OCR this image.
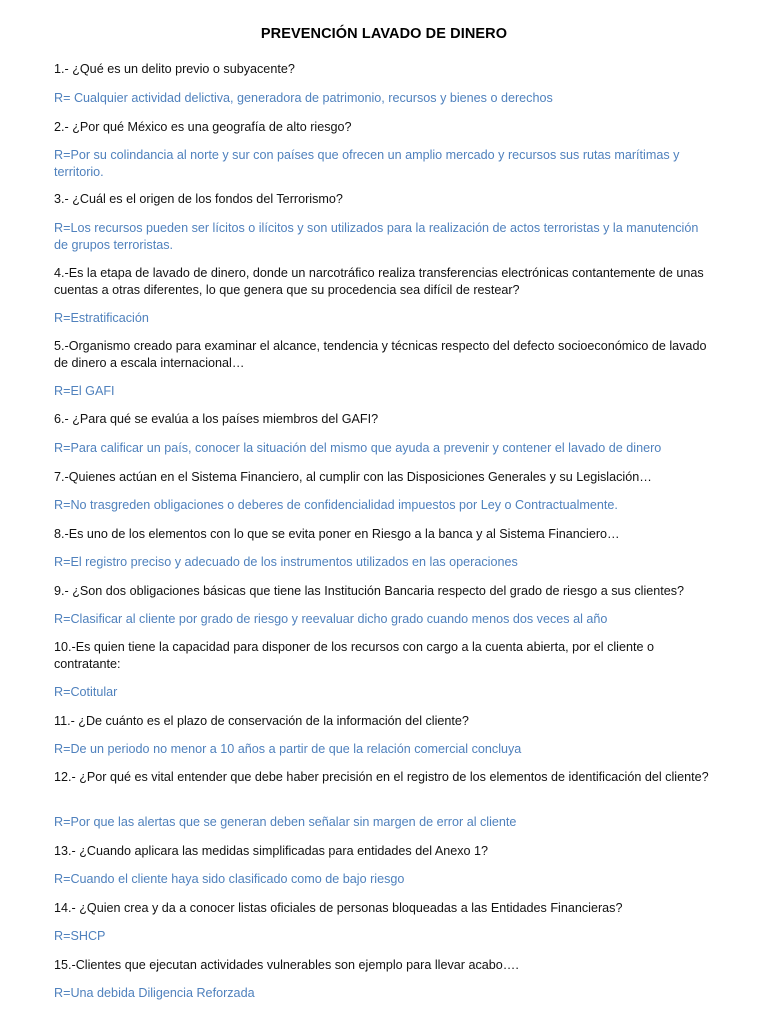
PREVENCIÓN LAVADO DE DINERO

1.- ¿Qué es un delito previo o subyacente?

R= Cualquier actividad delictiva, generadora de patrimonio, recursos y bienes o derechos

2.- ¿Por qué México es una geografía de alto riesgo?

R=Por su colindancia al norte y sur con países que ofrecen un amplio mercado y recursos sus rutas marítimas y territorio.

3.- ¿Cuál es el origen de los fondos del Terrorismo?

R=Los recursos pueden ser lícitos o ilícitos y son utilizados para la realización de actos terroristas y la manutención de grupos terroristas.

4.-Es la etapa de lavado de dinero, donde un narcotráfico realiza transferencias electrónicas contantemente de unas cuentas a otras diferentes, lo que genera que su procedencia sea difícil de restear?

R=Estratificación

5.-Organismo creado para examinar el alcance, tendencia y técnicas respecto del defecto socioeconómico de lavado de dinero a escala internacional…

R=El GAFI

6.- ¿Para qué se evalúa a los países miembros del GAFI?

R=Para calificar un país, conocer la situación del mismo que ayuda a prevenir y contener el lavado de dinero

7.-Quienes actúan en el Sistema Financiero, al cumplir con las Disposiciones Generales y su Legislación…

R=No trasgreden obligaciones o deberes de confidencialidad impuestos por Ley o Contractualmente.

8.-Es uno de los elementos con lo que se evita poner en Riesgo a la banca y al Sistema Financiero…

R=El registro preciso y adecuado de los instrumentos utilizados en las operaciones

9.- ¿Son dos obligaciones básicas que tiene las Institución Bancaria respecto del grado de riesgo a sus clientes?

R=Clasificar al cliente por grado de riesgo y reevaluar dicho grado cuando menos dos veces al año

10.-Es quien tiene la capacidad para disponer de los recursos con cargo a la cuenta abierta, por el cliente o contratante:

R=Cotitular

11.- ¿De cuánto es el plazo de conservación de la información del cliente?

R=De un periodo no menor a 10 años a partir de que la relación comercial concluya

12.- ¿Por qué es vital entender que debe haber precisión en el registro de los elementos de identificación del cliente?

R=Por que las alertas que se generan deben señalar sin margen de error al cliente

13.- ¿Cuando aplicara las medidas simplificadas para entidades del Anexo 1?

R=Cuando el cliente haya sido clasificado como de bajo riesgo

14.- ¿Quien crea y da a conocer listas oficiales de personas bloqueadas a las Entidades Financieras?

R=SHCP

15.-Clientes que ejecutan actividades vulnerables son ejemplo para llevar acabo….

R=Una debida Diligencia Reforzada
